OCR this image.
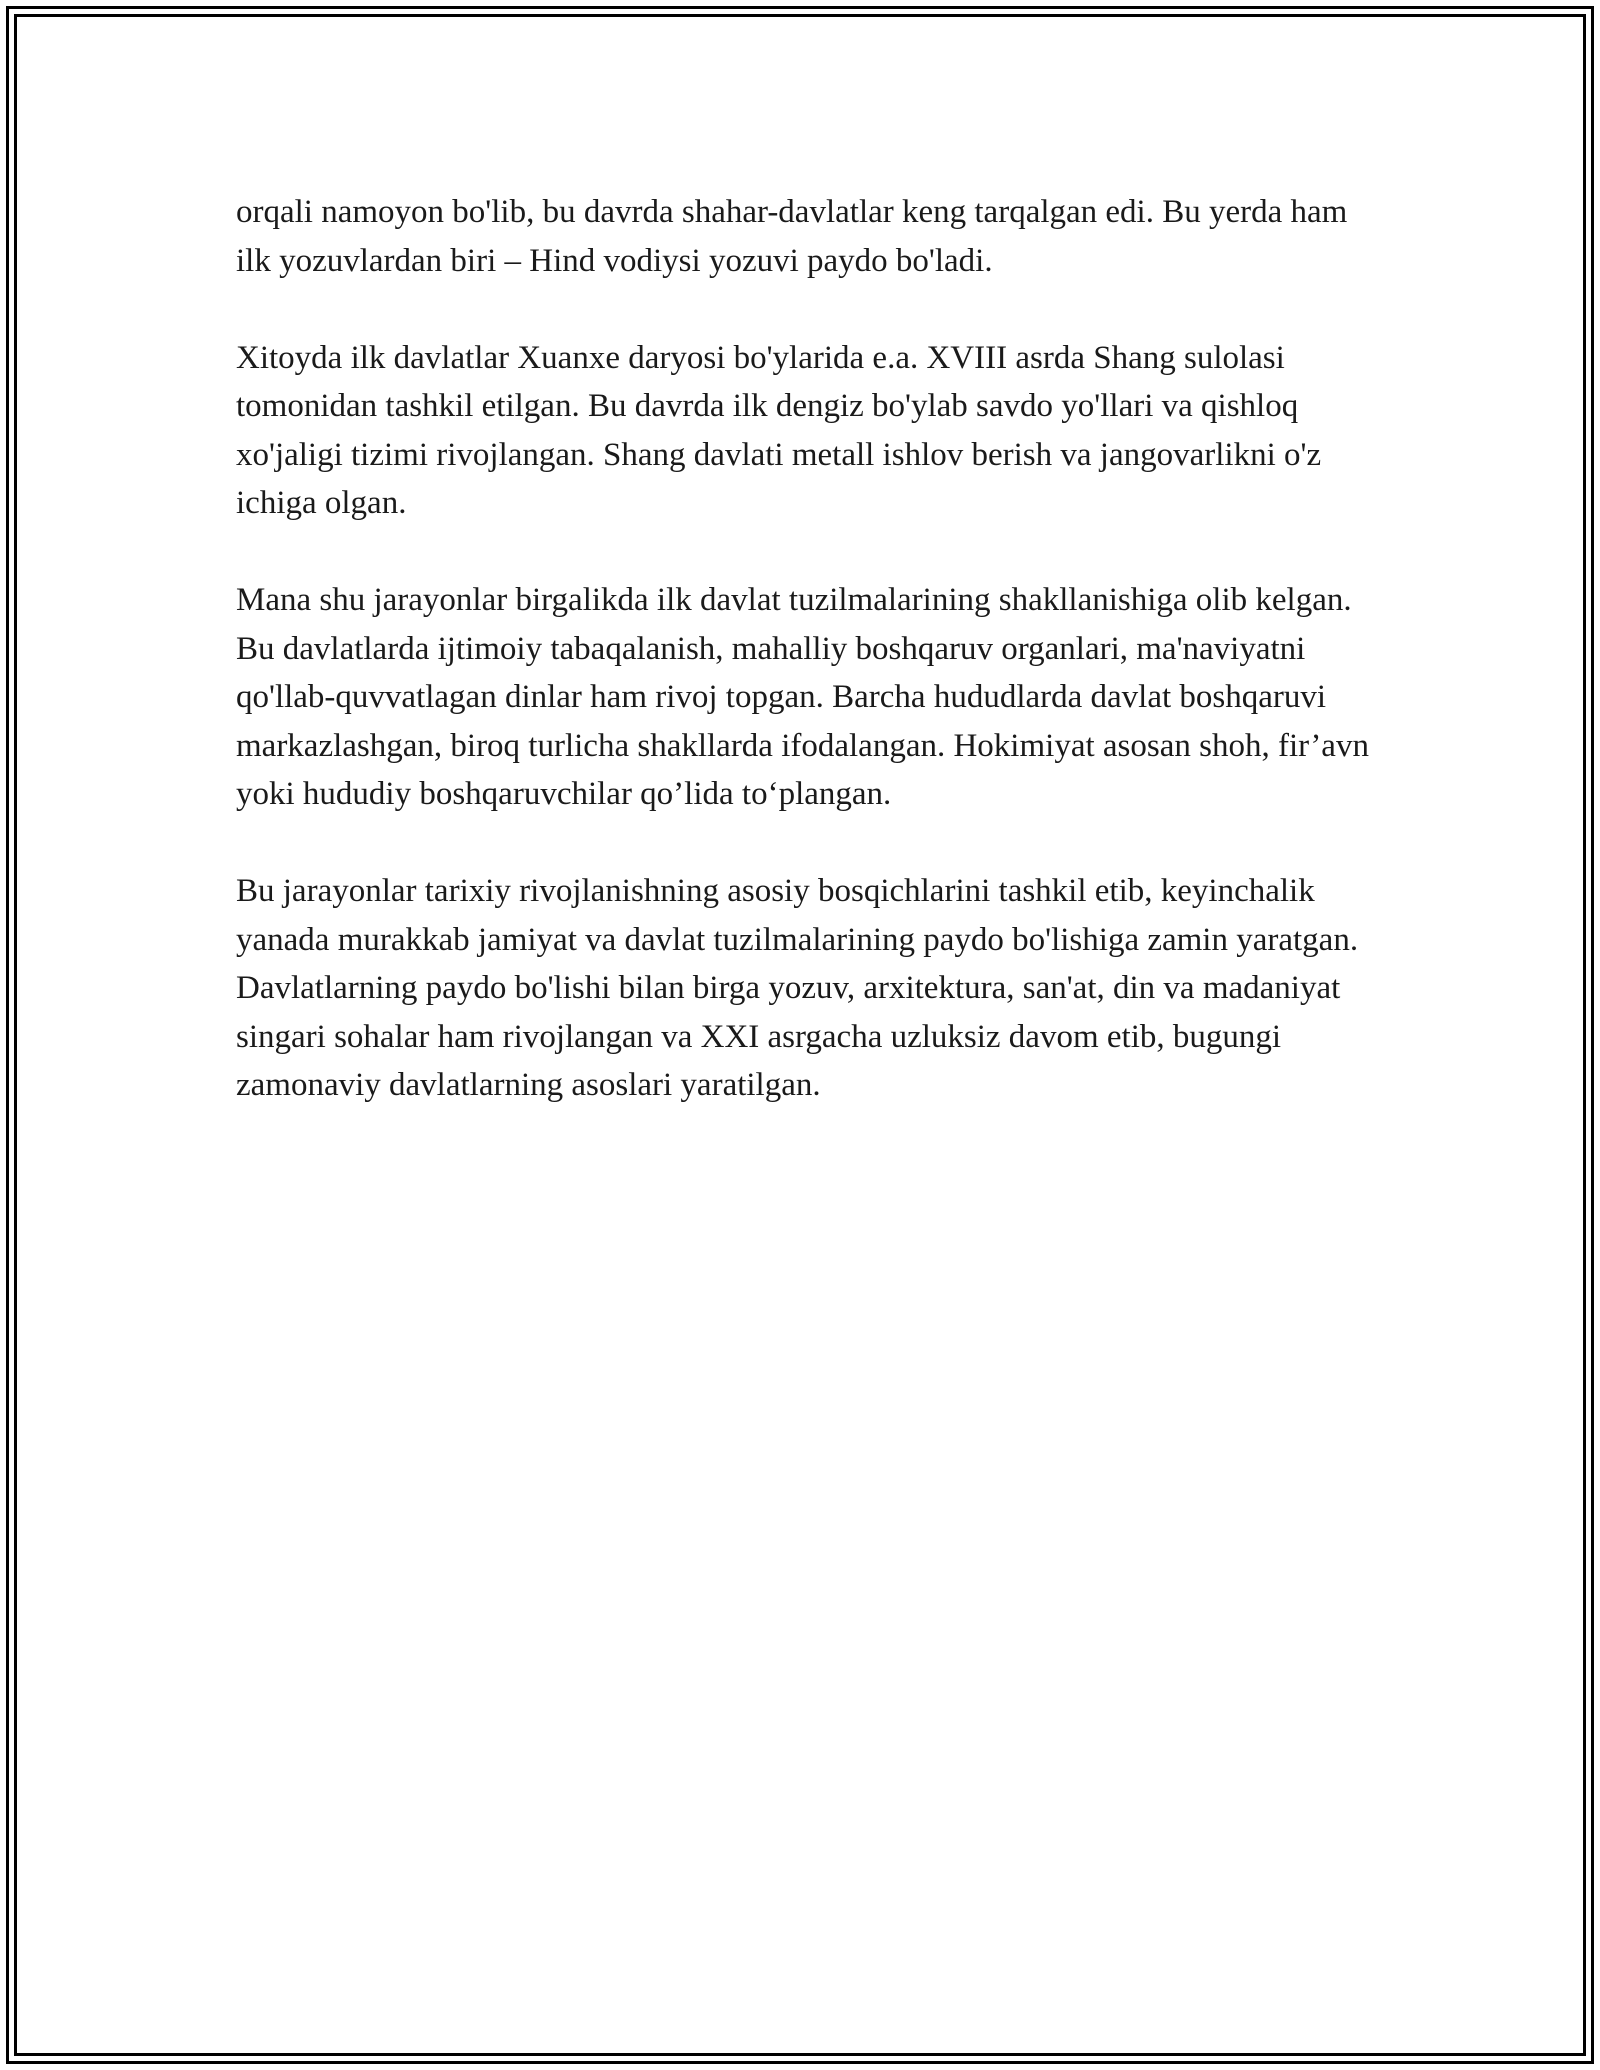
orqali namoyon bo'lib, bu davrda shahar-davlatlar keng tarqalgan edi. Bu yerda ham ilk yozuvlardan biri – Hind vodiysi yozuvi paydo bo'ladi.

Xitoyda ilk davlatlar Xuanxe daryosi bo'ylarida e.a. XVIII asrda Shang sulolasi tomonidan tashkil etilgan. Bu davrda ilk dengiz bo'ylab savdo yo'llari va qishloq xo'jaligi tizimi rivojlangan. Shang davlati metall ishlov berish va jangovarlikni o'z ichiga olgan.

Mana shu jarayonlar birgalikda ilk davlat tuzilmalarining shakllanishiga olib kelgan. Bu davlatlarda ijtimoiy tabaqalanish, mahalliy boshqaruv organlari, ma'naviyatni qo'llab-quvvatlagan dinlar ham rivoj topgan. Barcha hududlarda davlat boshqaruvi markazlashgan, biroq turlicha shakllarda ifodalangan. Hokimiyat asosan shoh, fir’avn yoki hududiy boshqaruvchilar qo’lida to‘plangan.

Bu jarayonlar tarixiy rivojlanishning asosiy bosqichlarini tashkil etib, keyinchalik yanada murakkab jamiyat va davlat tuzilmalarining paydo bo'lishiga zamin yaratgan. Davlatlarning paydo bo'lishi bilan birga yozuv, arxitektura, san'at, din va madaniyat singari sohalar ham rivojlangan va XXI asrgacha uzluksiz davom etib, bugungi zamonaviy davlatlarning asoslari yaratilgan.
